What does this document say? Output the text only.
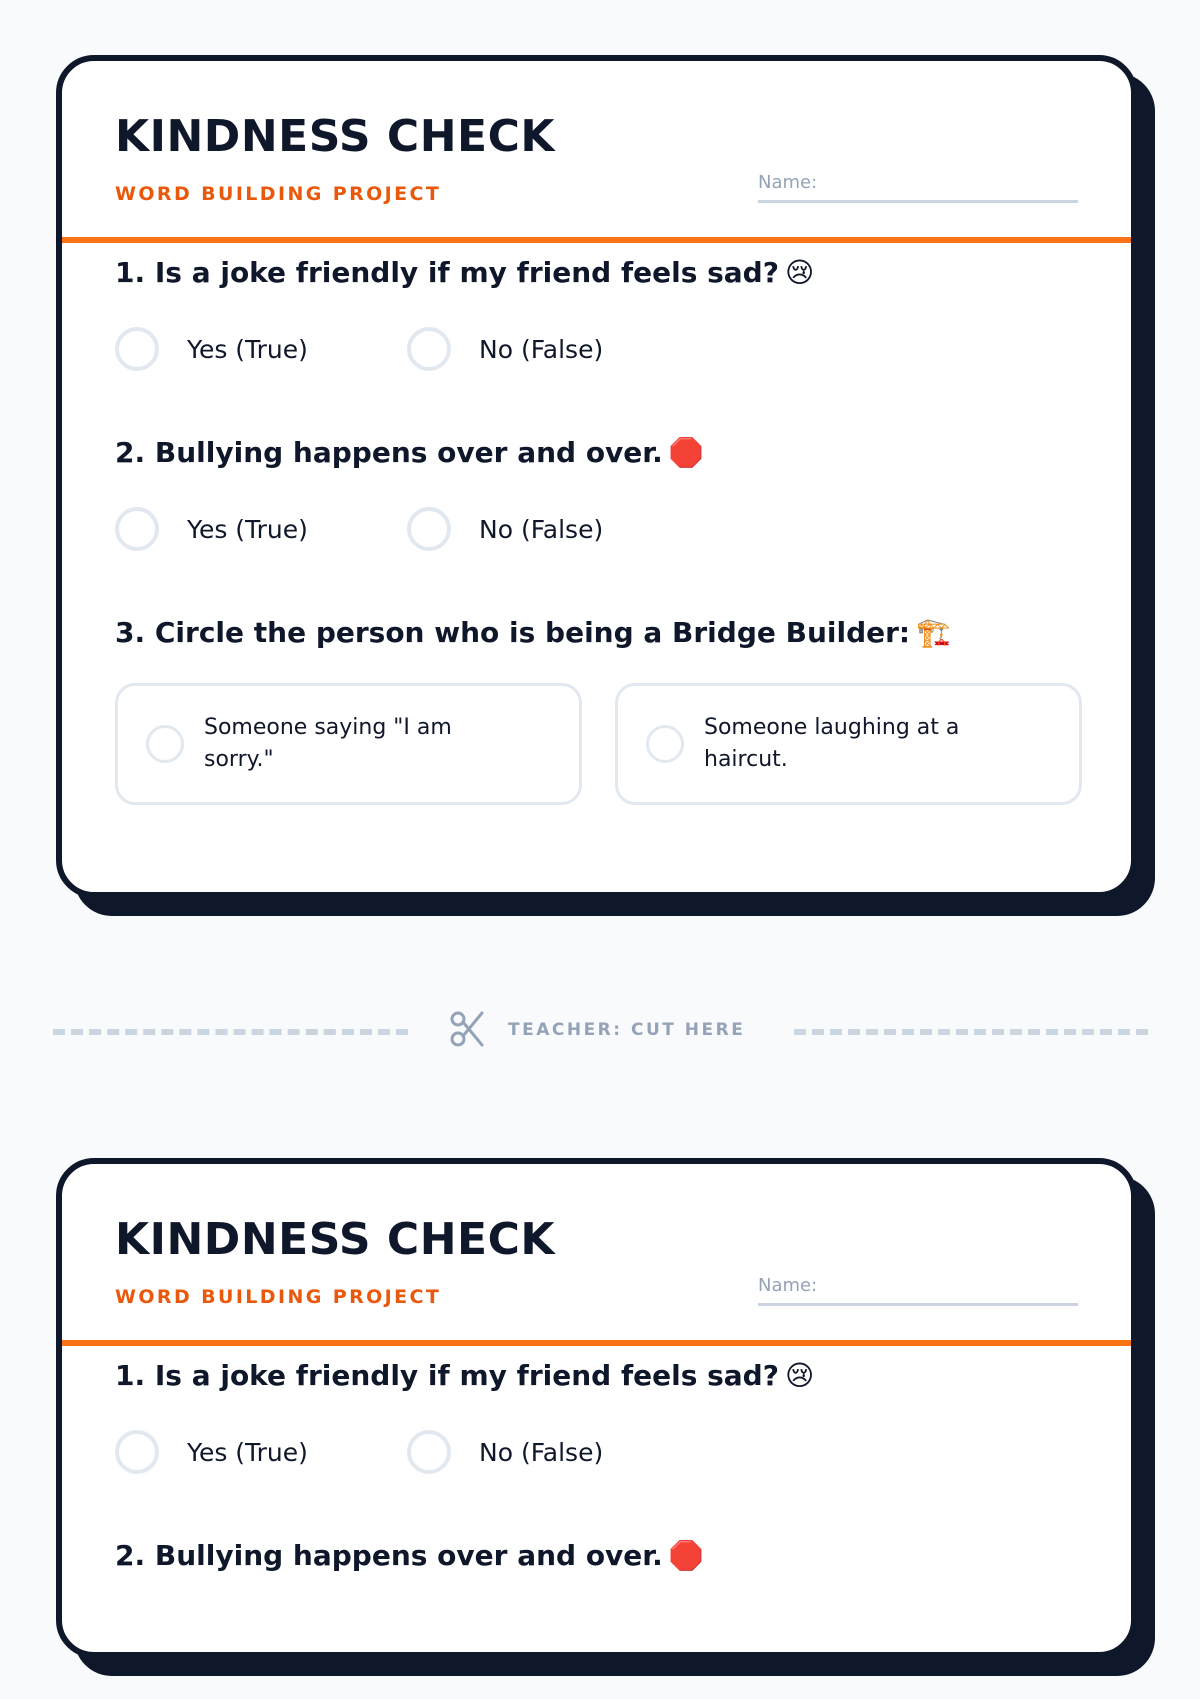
KINDNESS CHECK
WORD BUILDING PROJECT
Name:
1. Is a joke friendly if my friend feels sad? 😢
Yes (True)	No (False)
2. Bullying happens over and over. 🛑
Yes (True)	No (False)
3. Circle the person who is being a Bridge Builder: 🏗️
Someone saying "I am sorry."
Someone laughing at a haircut.
TEACHER: CUT HERE
KINDNESS CHECK
WORD BUILDING PROJECT
Name:
1. Is a joke friendly if my friend feels sad? 😢
Yes (True)	No (False)
2. Bullying happens over and over. 🛑
